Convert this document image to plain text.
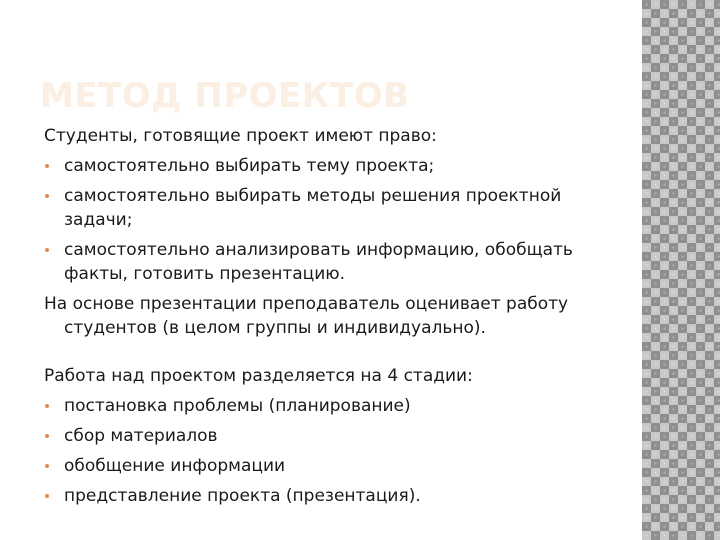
МЕТОД ПРОЕКТОВ

Студенты, готовящие проект имеют право:

самостоятельно выбирать тему проекта;
самостоятельно выбирать методы решения проектной задачи;
самостоятельно анализировать информацию, обобщать факты, готовить презентацию.

На основе презентации преподаватель оценивает работу студентов (в целом группы и индивидуально).

Работа над проектом разделяется на 4 стадии:

постановка проблемы (планирование)
сбор материалов
обобщение информации
представление проекта (презентация).
